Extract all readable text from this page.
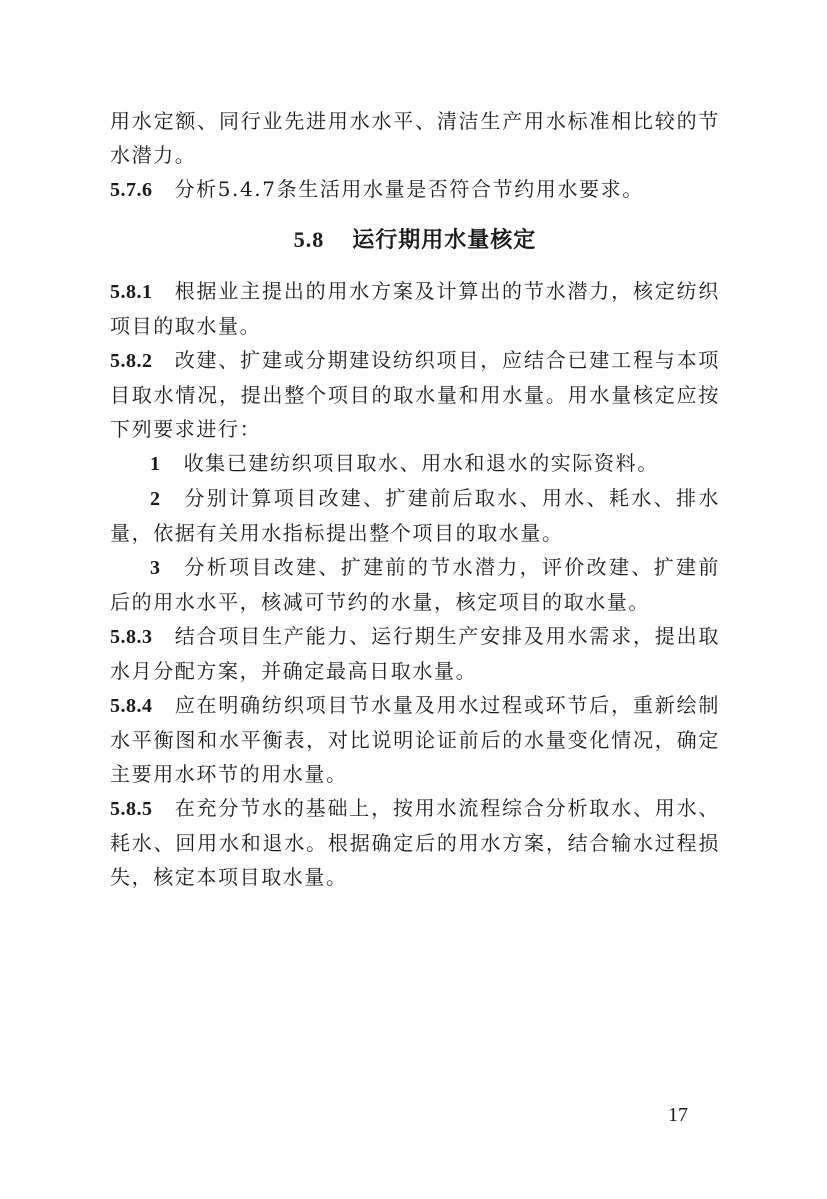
用水定额、同行业先进用水水平、清洁生产用水标准相比较的节水潜力。

5.7.6 分析5.4.7条生活用水量是否符合节约用水要求。

5.8 运行期用水量核定

5.8.1 根据业主提出的用水方案及计算出的节水潜力，核定纺织项目的取水量。

5.8.2 改建、扩建或分期建设纺织项目，应结合已建工程与本项目取水情况，提出整个项目的取水量和用水量。用水量核定应按下列要求进行：

1 收集已建纺织项目取水、用水和退水的实际资料。

2 分别计算项目改建、扩建前后取水、用水、耗水、排水量，依据有关用水指标提出整个项目的取水量。

3 分析项目改建、扩建前的节水潜力，评价改建、扩建前后的用水水平，核减可节约的水量，核定项目的取水量。

5.8.3 结合项目生产能力、运行期生产安排及用水需求，提出取水月分配方案，并确定最高日取水量。

5.8.4 应在明确纺织项目节水量及用水过程或环节后，重新绘制水平衡图和水平衡表，对比说明论证前后的水量变化情况，确定主要用水环节的用水量。

5.8.5 在充分节水的基础上，按用水流程综合分析取水、用水、耗水、回用水和退水。根据确定后的用水方案，结合输水过程损失，核定本项目取水量。

17
